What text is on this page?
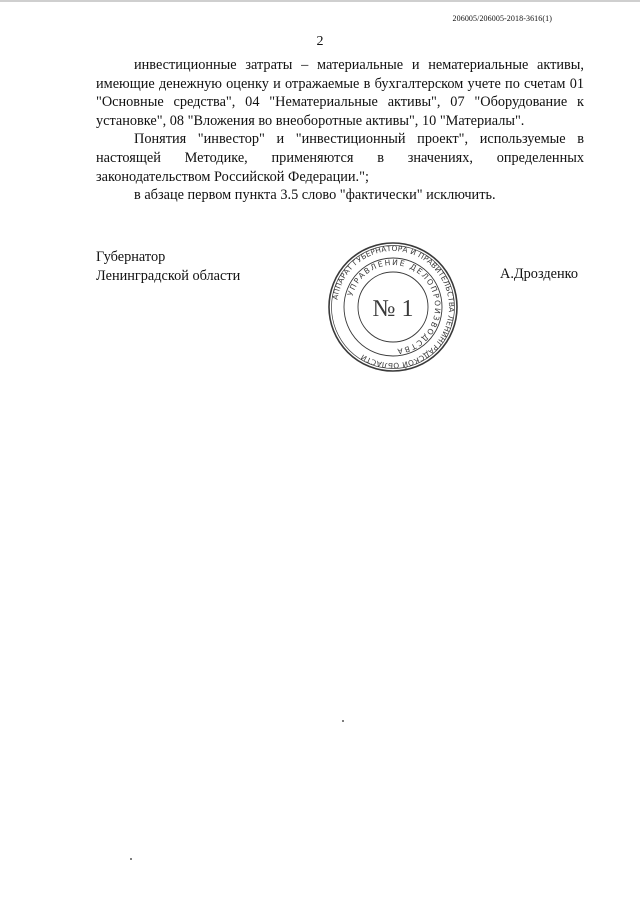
206005/206005-2018-3616(1)
2

инвестиционные затраты – материальные и нематериальные активы, имеющие денежную оценку и отражаемые в бухгалтерском учете по счетам 01 "Основные средства", 04 "Нематериальные активы", 07 "Оборудование к установке", 08 "Вложения во внеоборотные активы", 10 "Материалы".

Понятия "инвестор" и "инвестиционный проект", используемые в настоящей Методике, применяются в значениях, определенных законодательством Российской Федерации.";

в абзаце первом пункта 3.5 слово "фактически" исключить.

Губернатор
Ленинградской области	А.Дрозденко
АППАРАТ ГУБЕРНАТОРА И ПРАВИТЕЛЬСТВА ЛЕНИНГРАДСКОЙ ОБЛАСТИ
УПРАВЛЕНИЕ ДЕЛОПРОИЗВОДСТВА
№ 1
